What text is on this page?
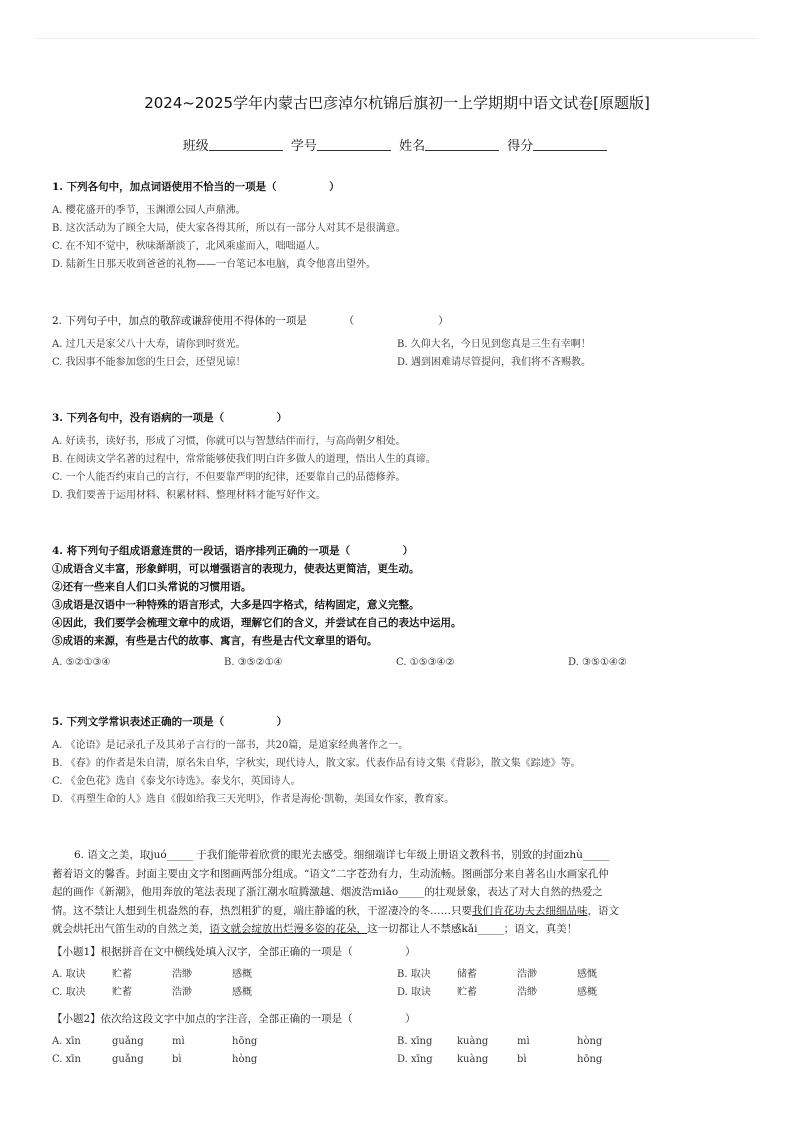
2024~2025学年内蒙古巴彦淖尔杭锦后旗初一上学期期中语文试卷[原题版]
班级	学号	姓名	得分
1. 下列各句中，加点词语使用不恰当的一项是（　　　　　）
A. 樱花盛开的季节，玉渊潭公园人声鼎沸。
B. 这次活动为了顾全大局，使大家各得其所，所以有一部分人对其不是很满意。
C. 在不知不觉中，秋味渐渐淡了，北风乘虚而入，咄咄逼人。
D. 陆新生日那天收到爸爸的礼物——一台笔记本电脑，真令他喜出望外。
2. 下列句子中，加点的敬辞或谦辞使用不得体的一项是　　　　（　　　　　　　　）
A. 过几天是家父八十大寿，请你到时赏光。	B. 久仰大名，今日见到您真是三生有幸啊！
C. 我因事不能参加您的生日会，还望见谅！	D. 遇到困难请尽管提问，我们将不吝赐教。
3. 下列各句中，没有语病的一项是（　　　　　）
A. 好读书，读好书，形成了习惯，你就可以与智慧结伴而行，与高尚朝夕相处。
B. 在阅读文学名著的过程中，常常能够使我们明白许多做人的道理，悟出人生的真谛。
C. 一个人能否约束自己的言行，不但要靠严明的纪律，还要靠自己的品德修养。
D. 我们要善于运用材料、积累材料、整理材料才能写好作文。
4. 将下列句子组成语意连贯的一段话，语序排列正确的一项是（　　　　　）
①成语含义丰富，形象鲜明，可以增强语言的表现力，使表达更简洁，更生动。
②还有一些来自人们口头常说的习惯用语。
③成语是汉语中一种特殊的语言形式，大多是四字格式，结构固定，意义完整。
④因此，我们要学会梳理文章中的成语，理解它们的含义，并尝试在自己的表达中运用。
⑤成语的来源，有些是古代的故事、寓言，有些是古代文章里的语句。
A. ⑤②①③④	B. ③⑤②①④	C. ①⑤③④②	D. ③⑤①④②
5. 下列文学常识表述正确的一项是（　　　　　）
A. 《论语》是记录孔子及其弟子言行的一部书，共20篇，是道家经典著作之一。
B. 《春》的作者是朱自清，原名朱自华，字秋实，现代诗人，散文家。代表作品有诗文集《背影》，散文集《踪迹》等。
C. 《金色花》选自《泰戈尔诗选》。泰戈尔，英国诗人。
D. 《再塑生命的人》选自《假如给我三天光明》，作者是海伦·凯勒，美国女作家，教育家。
6. 语文之美，取juó_____ 于我们能带着欣赏的眼光去感受。细细端详七年级上册语文教科书，别致的封面zhù_____
蓄着语文的馨香。封面主要由文字和图画两部分组成。“语文”二字苍劲有力，生动流畅。图画部分来自著名山水画家孔仲
起的画作《新潮》，他用奔放的笔法表现了浙江潮水喧腾激越、烟波浩miǎo_____的壮观景象，表达了对大自然的热爱之
情。这不禁让人想到生机盎然的春，热烈粗犷的夏，端庄静谧的秋，干涩凄冷的冬……只要我们肯花功夫去细细品味，语文
就会烘托出气笛生动的自然之美，语文就会绽放出烂漫多姿的花朵，这一切都让人不禁感kǎi_____；语文，真美！
【小题1】根据拼音在文中横线处填入汉字，全部正确的一项是（　　　　　）
A. 取诀	贮蓄	浩缈	感概	B. 取决	储蓄	浩渺	感慨
C. 取决	贮蓄	浩渺	感概	D. 取诀	贮蓄	浩缈	感概
【小题2】依次给这段文字中加点的字注音，全部正确的一项是（　　　　　）
A. xīn	guǎng	mì	hōng	B. xīng	kuàng	mì	hòng
C. xīn	guǎng	bì	hòng	D. xīng	kuàng	bì	hōng
